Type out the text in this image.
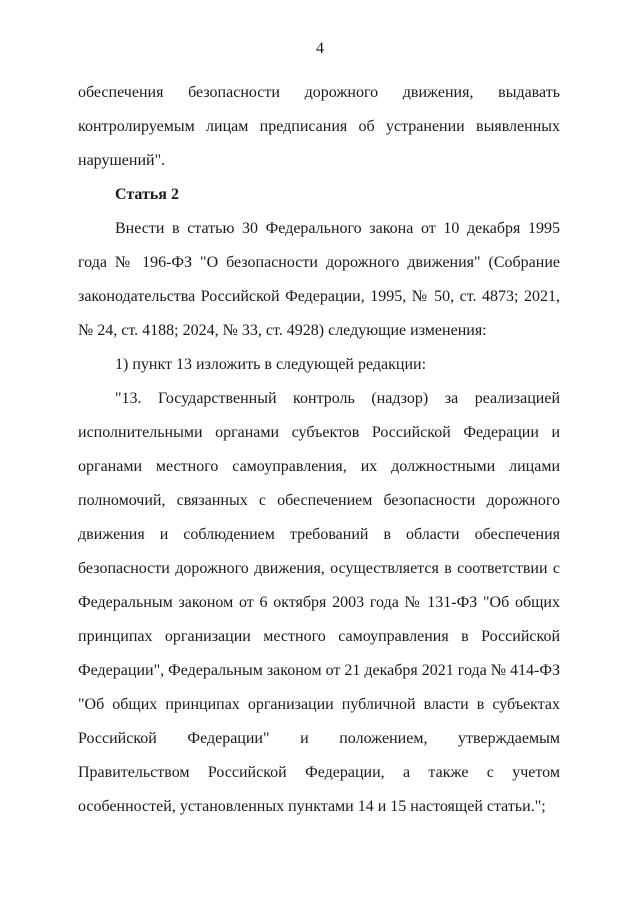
4

обеспечения безопасности дорожного движения, выдавать контролируемым лицам предписания об устранении выявленных нарушений".

Статья 2

Внести в статью 30 Федерального закона от 10 декабря 1995 года № 196-ФЗ "О безопасности дорожного движения" (Собрание законодательства Российской Федерации, 1995, № 50, ст. 4873; 2021, № 24, ст. 4188; 2024, № 33, ст. 4928) следующие изменения:

1) пункт 13 изложить в следующей редакции:

"13. Государственный контроль (надзор) за реализацией исполнительными органами субъектов Российской Федерации и органами местного самоуправления, их должностными лицами полномочий, связанных с обеспечением безопасности дорожного движения и соблюдением требований в области обеспечения безопасности дорожного движения, осуществляется в соответствии с Федеральным законом от 6 октября 2003 года № 131-ФЗ "Об общих принципах организации местного самоуправления в Российской Федерации", Федеральным законом от 21 декабря 2021 года № 414-ФЗ "Об общих принципах организации публичной власти в субъектах Российской Федерации" и положением, утверждаемым Правительством Российской Федерации, а также с учетом особенностей, установленных пунктами 14 и 15 настоящей статьи.";
